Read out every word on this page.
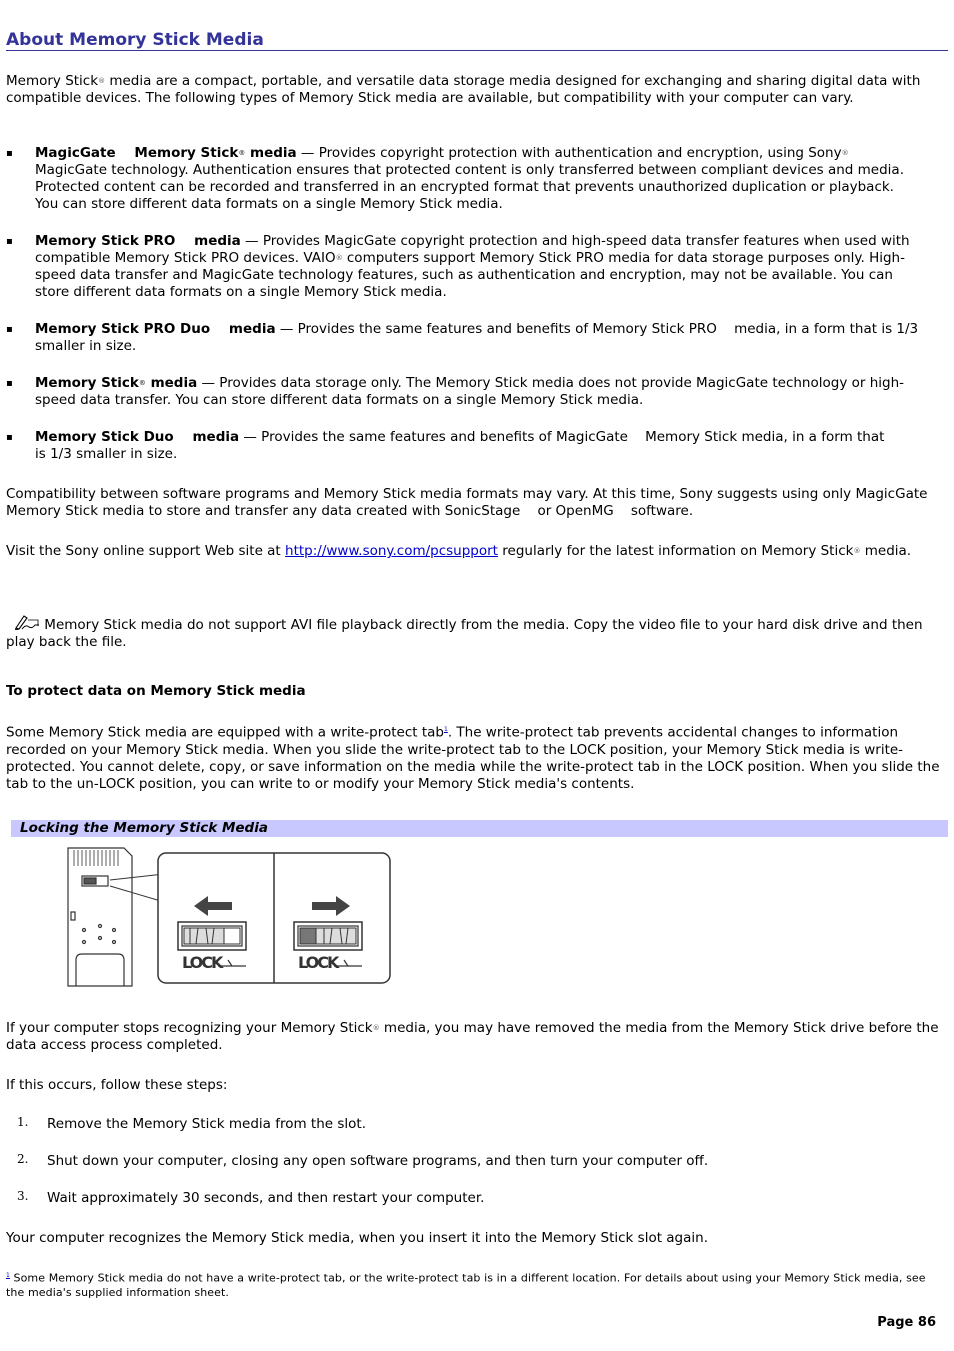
About Memory Stick Media

Memory Stick® media are a compact, portable, and versatile data storage media designed for exchanging and sharing digital data with compatible devices. The following types of Memory Stick media are available, but compatibility with your computer can vary.

▪ MagicGate    Memory Stick® media — Provides copyright protection with authentication and encryption, using Sony® MagicGate technology. Authentication ensures that protected content is only transferred between compliant devices and media. Protected content can be recorded and transferred in an encrypted format that prevents unauthorized duplication or playback. You can store different data formats on a single Memory Stick media.
▪ Memory Stick PRO    media — Provides MagicGate copyright protection and high-speed data transfer features when used with compatible Memory Stick PRO devices. VAIO® computers support Memory Stick PRO media for data storage purposes only. High-speed data transfer and MagicGate technology features, such as authentication and encryption, may not be available. You can store different data formats on a single Memory Stick media.
▪ Memory Stick PRO Duo    media — Provides the same features and benefits of Memory Stick PRO    media, in a form that is 1/3 smaller in size.
▪ Memory Stick® media — Provides data storage only. The Memory Stick media does not provide MagicGate technology or high-speed data transfer. You can store different data formats on a single Memory Stick media.
▪ Memory Stick Duo    media — Provides the same features and benefits of MagicGate    Memory Stick media, in a form that is 1/3 smaller in size.

Compatibility between software programs and Memory Stick media formats may vary. At this time, Sony suggests using only MagicGate Memory Stick media to store and transfer any data created with SonicStage    or OpenMG    software.

Visit the Sony online support Web site at http://www.sony.com/pcsupport regularly for the latest information on Memory Stick® media.

Memory Stick media do not support AVI file playback directly from the media. Copy the video file to your hard disk drive and then play back the file.

To protect data on Memory Stick media

Some Memory Stick media are equipped with a write-protect tab$^1$. The write-protect tab prevents accidental changes to information recorded on your Memory Stick media. When you slide the write-protect tab to the LOCK position, your Memory Stick media is write-protected. You cannot delete, copy, or save information on the media while the write-protect tab in the LOCK position. When you slide the tab to the un-LOCK position, you can write to or modify your Memory Stick media's contents.

Locking the Memory Stick Media
LOCK	LOCK

If your computer stops recognizing your Memory Stick® media, you may have removed the media from the Memory Stick drive before the data access process completed.

If this occurs, follow these steps:

1. Remove the Memory Stick media from the slot.
2. Shut down your computer, closing any open software programs, and then turn your computer off.
3. Wait approximately 30 seconds, and then restart your computer.

Your computer recognizes the Memory Stick media, when you insert it into the Memory Stick slot again.

$^1$ Some Memory Stick media do not have a write-protect tab, or the write-protect tab is in a different location. For details about using your Memory Stick media, see the media's supplied information sheet.

Page 86
